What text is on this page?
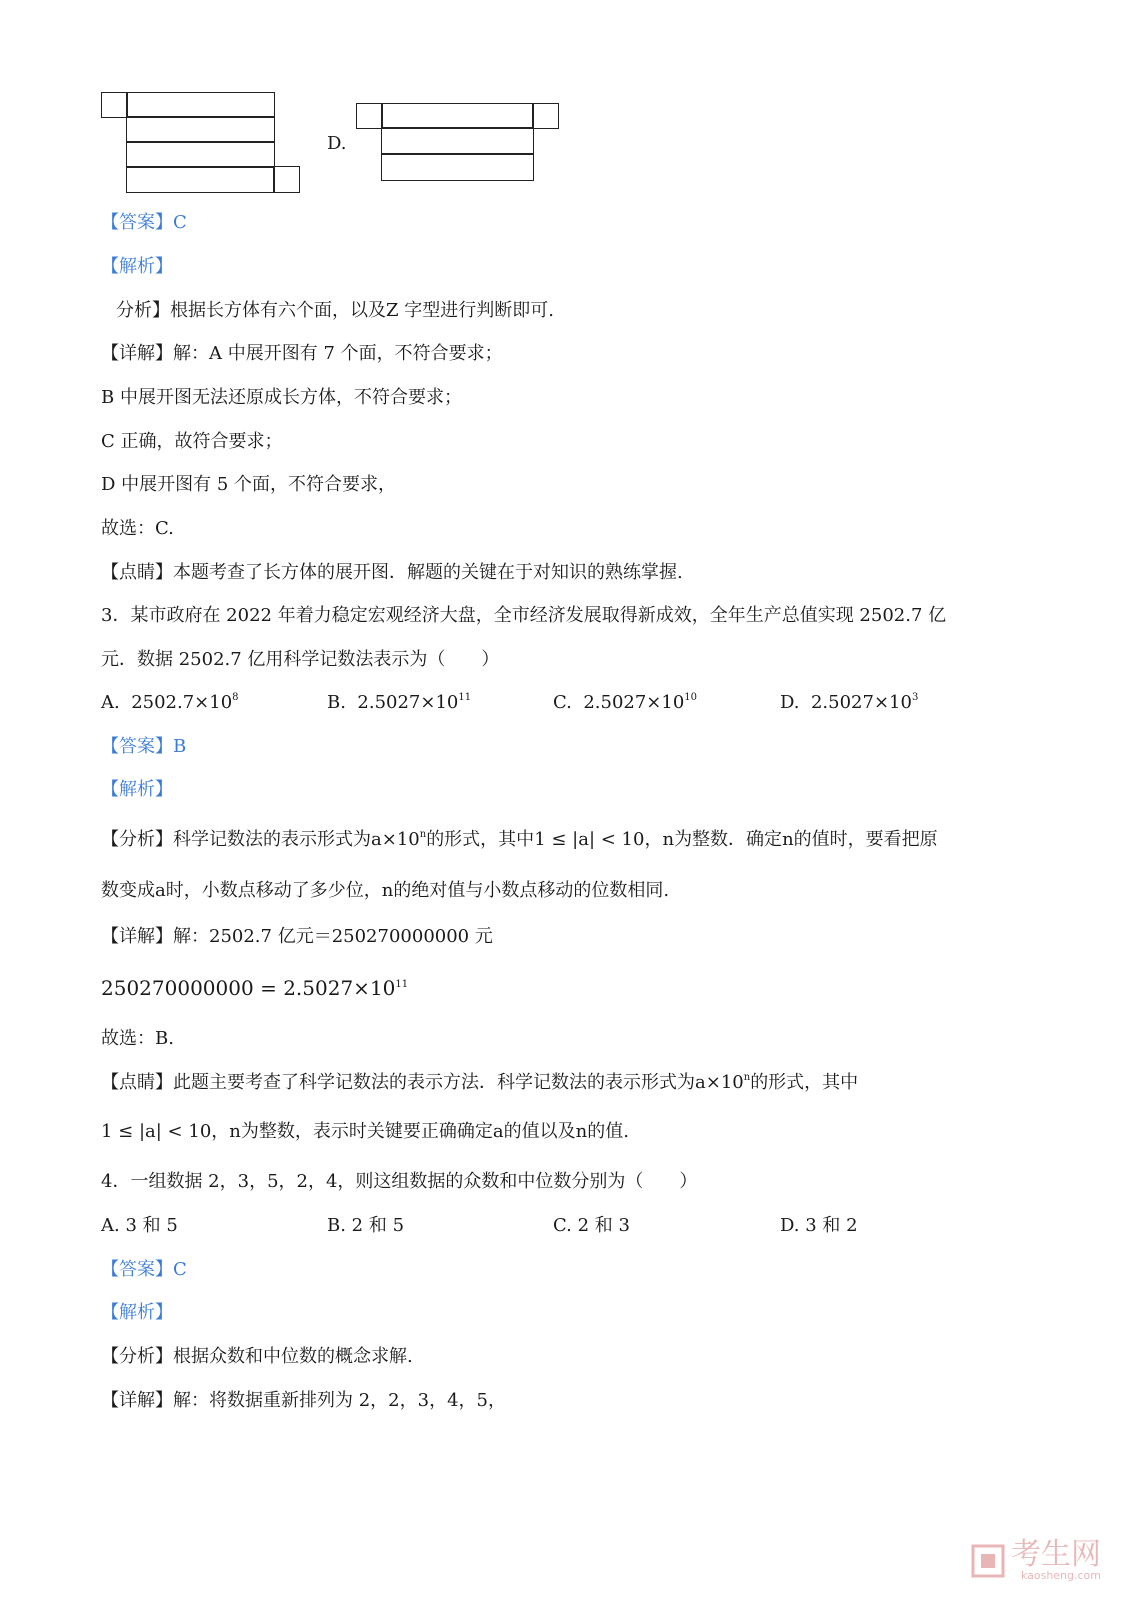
D.
【答案】C
【解析】
分析】根据长方体有六个面，以及Z 字型进行判断即可.
【详解】解：A 中展开图有 7 个面，不符合要求；
B 中展开图无法还原成长方体，不符合要求；
C 正确，故符合要求；
D 中展开图有 5 个面，不符合要求，
故选：C.
【点睛】本题考查了长方体的展开图．解题的关键在于对知识的熟练掌握.
3．某市政府在 2022 年着力稳定宏观经济大盘，全市经济发展取得新成效，全年生产总值实现 2502.7 亿
元．数据 2502.7 亿用科学记数法表示为（　　）
A. $2502.7\times 10^8$	B. $2.5027\times 10^{11}$	C. $2.5027\times 10^{10}$	D. $2.5027\times 10^3$
【答案】B
【解析】
【分析】科学记数法的表示形式为$a\times 10^n$的形式，其中1 ≤ |a| < 10，n为整数．确定n的值时，要看把原
数变成a时，小数点移动了多少位，n的绝对值与小数点移动的位数相同.
【详解】解：2502.7 亿元＝250270000000 元
$250270000000 = 2.5027\times 10^{11}$
故选：B.
【点睛】此题主要考查了科学记数法的表示方法．科学记数法的表示形式为$a\times 10^n$的形式，其中
1 ≤ |a| < 10，n为整数，表示时关键要正确确定a的值以及n的值.
4．一组数据 2，3，5，2，4，则这组数据的众数和中位数分别为（　　）
A. 3 和 5	B. 2 和 5	C. 2 和 3	D. 3 和 2
【答案】C
【解析】
【分析】根据众数和中位数的概念求解.
【详解】解：将数据重新排列为 2，2，3，4，5，
考生网
kaosheng.com
